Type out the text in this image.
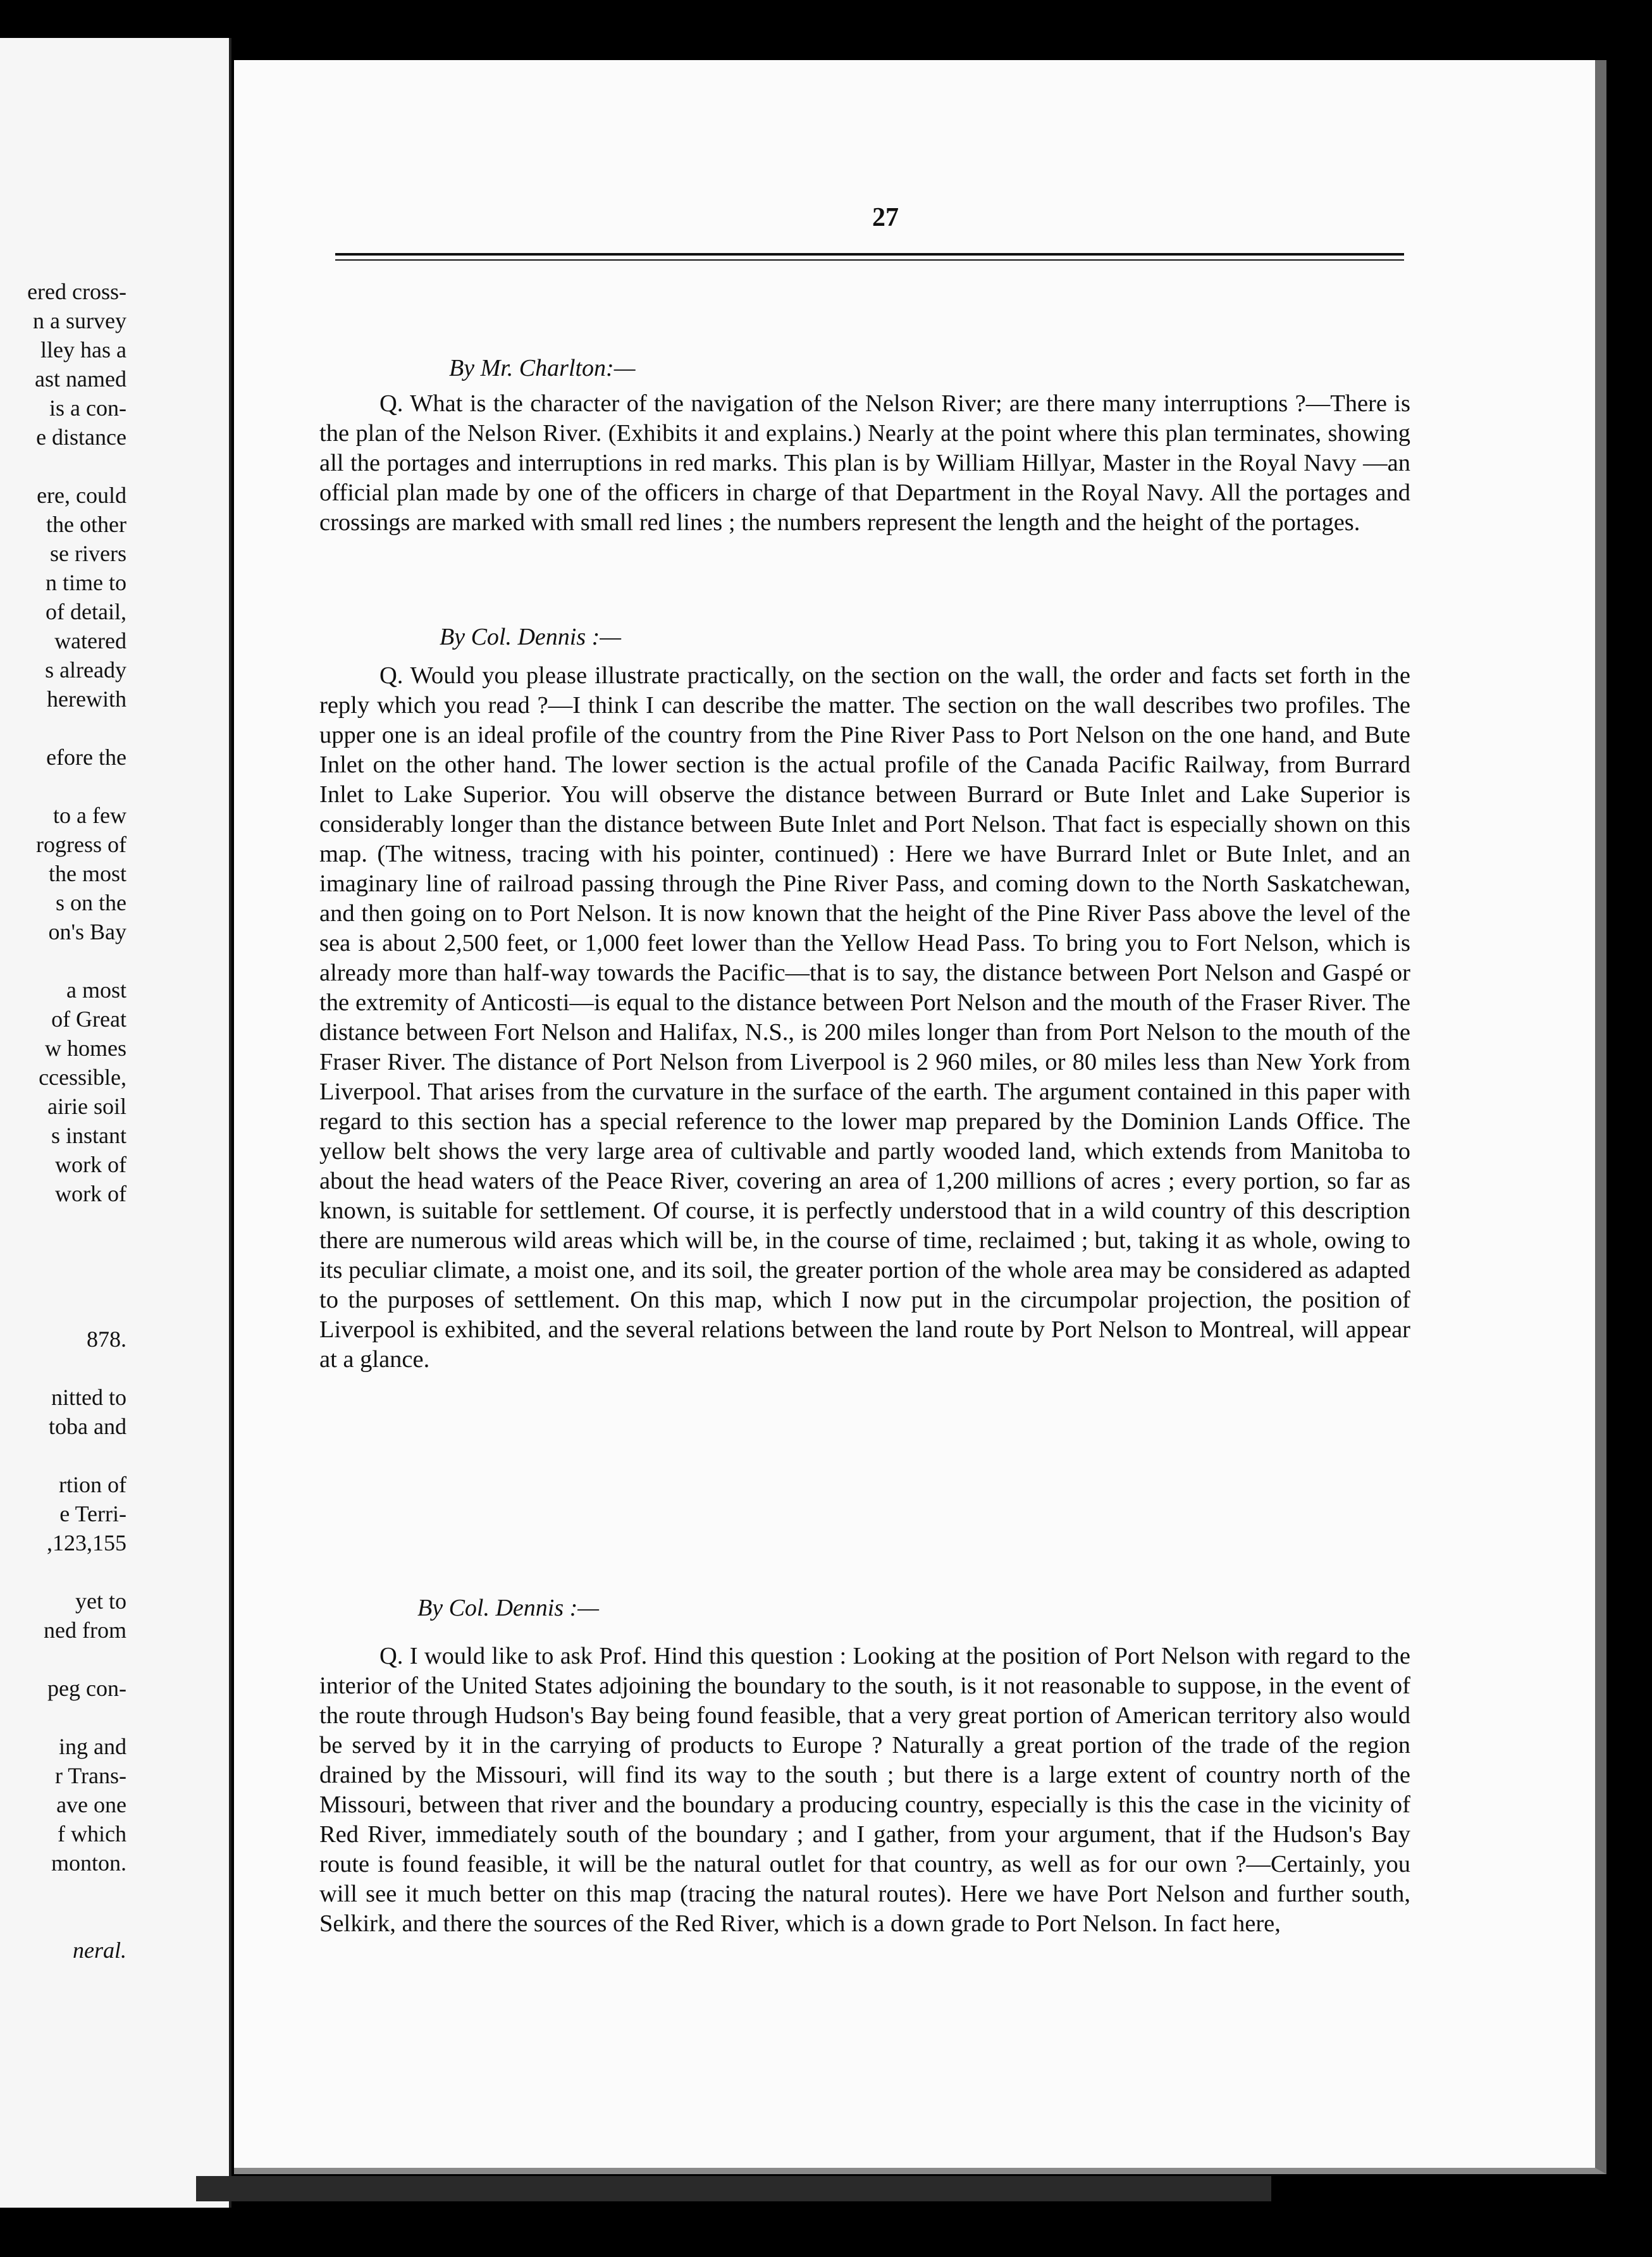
ered cross-
n a survey
lley has a
ast named
is a con-
e distance
ere, could
the other
se rivers
n time to
of detail,
watered
s already
herewith
efore the
to a few
rogress of
the most
s on the
on's Bay
a most
of Great
w homes
ccessible,
airie soil
s instant
work of
work of
878.
nitted to
toba and
rtion of
e Terri-
,123,155
yet to
ned from
peg con-
ing and
r Trans-
ave one
f which
monton.
neral.
27
By Mr. Charlton:—

Q. What is the character of the navigation of the Nelson River; are there many interruptions ?—There is the plan of the Nelson River. (Exhibits it and explains.) Nearly at the point where this plan terminates, showing all the portages and interruptions in red marks. This plan is by William Hillyar, Master in the Royal Navy —an official plan made by one of the officers in charge of that Department in the Royal Navy. All the portages and crossings are marked with small red lines ; the numbers represent the length and the height of the portages.

By Col. Dennis :—

Q. Would you please illustrate practically, on the section on the wall, the order and facts set forth in the reply which you read ?—I think I can describe the matter. The section on the wall describes two profiles. The upper one is an ideal profile of the country from the Pine River Pass to Port Nelson on the one hand, and Bute Inlet on the other hand. The lower section is the actual profile of the Canada Pacific Railway, from Burrard Inlet to Lake Superior. You will observe the distance between Burrard or Bute Inlet and Lake Superior is considerably longer than the distance between Bute Inlet and Port Nelson. That fact is especially shown on this map. (The witness, tracing with his pointer, continued) : Here we have Burrard Inlet or Bute Inlet, and an imaginary line of railroad passing through the Pine River Pass, and coming down to the North Saskatchewan, and then going on to Port Nelson. It is now known that the height of the Pine River Pass above the level of the sea is about 2,500 feet, or 1,000 feet lower than the Yellow Head Pass. To bring you to Fort Nelson, which is already more than half-way towards the Pacific—that is to say, the distance between Port Nelson and Gaspé or the extremity of Anticosti—is equal to the distance between Port Nelson and the mouth of the Fraser River. The distance between Fort Nelson and Halifax, N.S., is 200 miles longer than from Port Nelson to the mouth of the Fraser River. The distance of Port Nelson from Liverpool is 2 960 miles, or 80 miles less than New York from Liverpool. That arises from the curvature in the surface of the earth. The argument contained in this paper with regard to this section has a special reference to the lower map prepared by the Dominion Lands Office. The yellow belt shows the very large area of cultivable and partly wooded land, which extends from Manitoba to about the head waters of the Peace River, covering an area of 1,200 millions of acres ; every portion, so far as known, is suitable for settlement. Of course, it is perfectly understood that in a wild country of this description there are numerous wild areas which will be, in the course of time, reclaimed ; but, taking it as whole, owing to its peculiar climate, a moist one, and its soil, the greater portion of the whole area may be considered as adapted to the purposes of settlement. On this map, which I now put in the circumpolar projection, the position of Liverpool is exhibited, and the several relations between the land route by Port Nelson to Montreal, will appear at a glance.

By Col. Dennis :—

Q. I would like to ask Prof. Hind this question : Looking at the position of Port Nelson with regard to the interior of the United States adjoining the boundary to the south, is it not reasonable to suppose, in the event of the route through Hudson's Bay being found feasible, that a very great portion of American territory also would be served by it in the carrying of products to Europe ? Naturally a great portion of the trade of the region drained by the Missouri, will find its way to the south ; but there is a large extent of country north of the Missouri, between that river and the boundary a producing country, especially is this the case in the vicinity of Red River, immediately south of the boundary ; and I gather, from your argument, that if the Hudson's Bay route is found feasible, it will be the natural outlet for that country, as well as for our own ?—Certainly, you will see it much better on this map (tracing the natural routes). Here we have Port Nelson and further south, Selkirk, and there the sources of the Red River, which is a down grade to Port Nelson. In fact here,
